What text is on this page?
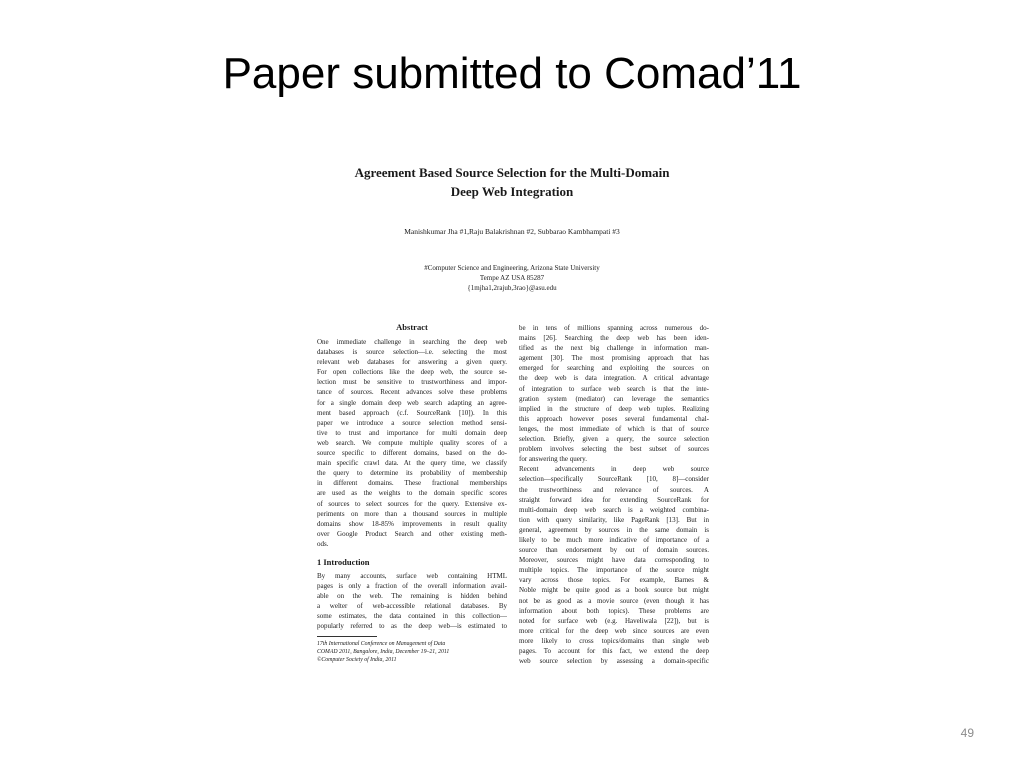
Paper submitted to Comad’11
Agreement Based Source Selection for the Multi-Domain
Deep Web Integration
Manishkumar Jha #1,Raju Balakrishnan #2, Subbarao Kambhampati #3
#Computer Science and Engineering, Arizona State University
Tempe AZ USA 85287
{1mjha1,2rajub,3rao}@asu.edu
Abstract
One immediate challenge in searching the deep web
databases is source selection—i.e. selecting the most
relevant web databases for answering a given query.
For open collections like the deep web, the source se-
lection must be sensitive to trustworthiness and impor-
tance of sources. Recent advances solve these problems
for a single domain deep web search adapting an agree-
ment based approach (c.f. SourceRank [10]). In this
paper we introduce a source selection method sensi-
tive to trust and importance for multi domain deep
web search. We compute multiple quality scores of a
source specific to different domains, based on the do-
main specific crawl data. At the query time, we classify
the query to determine its probability of membership
in different domains. These fractional memberships
are used as the weights to the domain specific scores
of sources to select sources for the query. Extensive ex-
periments on more than a thousand sources in multiple
domains show 18-85% improvements in result quality
over Google Product Search and other existing meth-
ods.
1 Introduction
By many accounts, surface web containing HTML
pages is only a fraction of the overall information avail-
able on the web. The remaining is hidden behind
a welter of web-accessible relational databases. By
some estimates, the data contained in this collection—
popularly referred to as the deep web—is estimated to
17th International Conference on Management of Data
COMAD 2011, Bangalore, India, December 19–21, 2011
©Computer Society of India, 2011
be in tens of millions spanning across numerous do-
mains [26]. Searching the deep web has been iden-
tified as the next big challenge in information man-
agement [30]. The most promising approach that has
emerged for searching and exploiting the sources on
the deep web is data integration. A critical advantage
of integration to surface web search is that the inte-
gration system (mediator) can leverage the semantics
implied in the structure of deep web tuples. Realizing
this approach however poses several fundamental chal-
lenges, the most immediate of which is that of source
selection. Briefly, given a query, the source selection
problem involves selecting the best subset of sources
for answering the query.
Recent advancements in deep web source
selection—specifically SourceRank [10, 8]—consider
the trustworthiness and relevance of sources. A
straight forward idea for extending SourceRank for
multi-domain deep web search is a weighted combina-
tion with query similarity, like PageRank [13]. But in
general, agreement by sources in the same domain is
likely to be much more indicative of importance of a
source than endorsement by out of domain sources.
Moreover, sources might have data corresponding to
multiple topics. The importance of the source might
vary across those topics. For example, Barnes &
Noble might be quite good as a book source but might
not be as good as a movie source (even though it has
information about both topics). These problems are
noted for surface web (e.g. Haveliwala [22]), but is
more critical for the deep web since sources are even
more likely to cross topics/domains than single web
pages. To account for this fact, we extend the deep
web source selection by assessing a domain-specific
49
